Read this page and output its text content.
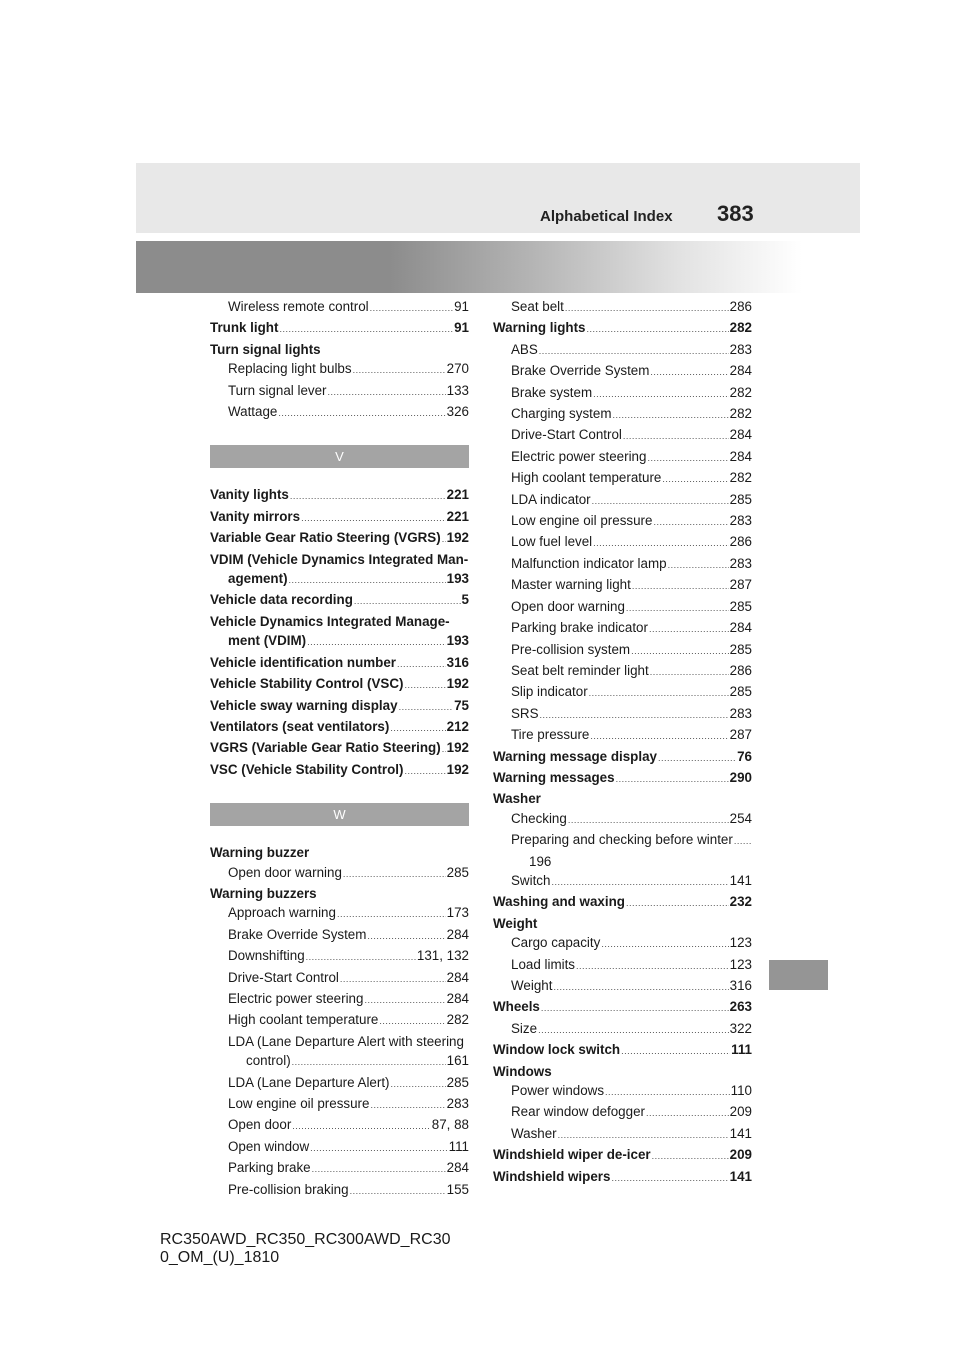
Alphabetical Index 383
Wireless remote control .....	91
Trunk light .....	91
Turn signal lights
Replacing light bulbs .....	270
Turn signal lever .....	133
Wattage .....	326
V
Vanity lights .....	221
Vanity mirrors .....	221
Variable Gear Ratio Steering (VGRS) ..... 192
VDIM (Vehicle Dynamics Integrated Man-
agement) .....	193
Vehicle data recording .....	5
Vehicle Dynamics Integrated Manage-
ment (VDIM) .....	193
Vehicle identification number .....	316
Vehicle Stability Control (VSC) .....	192
Vehicle sway warning display .....	75
Ventilators (seat ventilators) .....	212
VGRS (Variable Gear Ratio Steering) ..... 192
VSC (Vehicle Stability Control) .....	192
W
Warning buzzer
Open door warning .....	285
Warning buzzers
Approach warning .....	173
Brake Override System .....	284
Downshifting .....	131, 132
Drive-Start Control .....	284
Electric power steering .....	284
High coolant temperature .....	282
LDA (Lane Departure Alert with steering
control) .....	161
LDA (Lane Departure Alert) .....	285
Low engine oil pressure .....	283
Open door .....	87, 88
Open window .....	111
Parking brake .....	284
Pre-collision braking .....	155
Seat belt .....	286
Warning lights .....	282
ABS .....	283
Brake Override System .....	284
Brake system .....	282
Charging system .....	282
Drive-Start Control .....	284
Electric power steering .....	284
High coolant temperature .....	282
LDA indicator .....	285
Low engine oil pressure .....	283
Low fuel level .....	286
Malfunction indicator lamp .....	283
Master warning light .....	287
Open door warning .....	285
Parking brake indicator .....	284
Pre-collision system .....	285
Seat belt reminder light .....	286
Slip indicator .....	285
SRS .....	283
Tire pressure .....	287
Warning message display .....	76
Warning messages .....	290
Washer
Checking .....	254
Preparing and checking before winter
.....
196
Switch .....	141
Washing and waxing .....	232
Weight
Cargo capacity .....	123
Load limits .....	123
Weight .....	316
Wheels .....	263
Size .....	322
Window lock switch .....	111
Windows
Power windows .....	110
Rear window defogger .....	209
Washer .....	141
Windshield wiper de-icer .....	209
Windshield wipers .....	141
RC350AWD_RC350_RC300AWD_RC30
0_OM_(U)_1810
